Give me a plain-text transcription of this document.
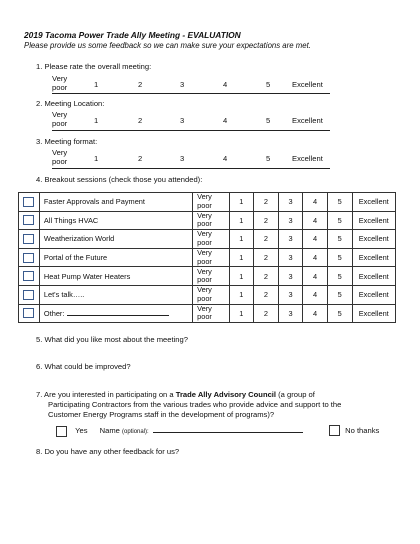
2019 Tacoma Power Trade Ally Meeting - EVALUATION
Please provide us some feedback so we can make sure your expectations are met.
1. Please rate the overall meeting:
Very
poor	1	2	3	4	5	Excellent
2. Meeting Location:
Very
poor	1	2	3	4	5	Excellent
3. Meeting format:
Very
poor	1	2	3	4	5	Excellent
4. Breakout sessions (check those you attended):
	Faster Approvals and Payment	Very
poor	1	2	3	4	5	Excellent
	All Things HVAC	Very
poor	1	2	3	4	5	Excellent
	Weatherization World	Very
poor	1	2	3	4	5	Excellent
	Portal of the Future	Very
poor	1	2	3	4	5	Excellent
	Heat Pump Water Heaters	Very
poor	1	2	3	4	5	Excellent
	Let's talk…..	Very
poor	1	2	3	4	5	Excellent
	Other:	Very
poor	1	2	3	4	5	Excellent
5. What did you like most about the meeting?
6. What could be improved?
7. Are you interested in participating on a Trade Ally Advisory Council (a group of
Participating Contractors from the various trades who provide advice and support to the
Customer Energy Programs staff in the development of programs)?
Yes Name (optional):	No thanks
8. Do you have any other feedback for us?
